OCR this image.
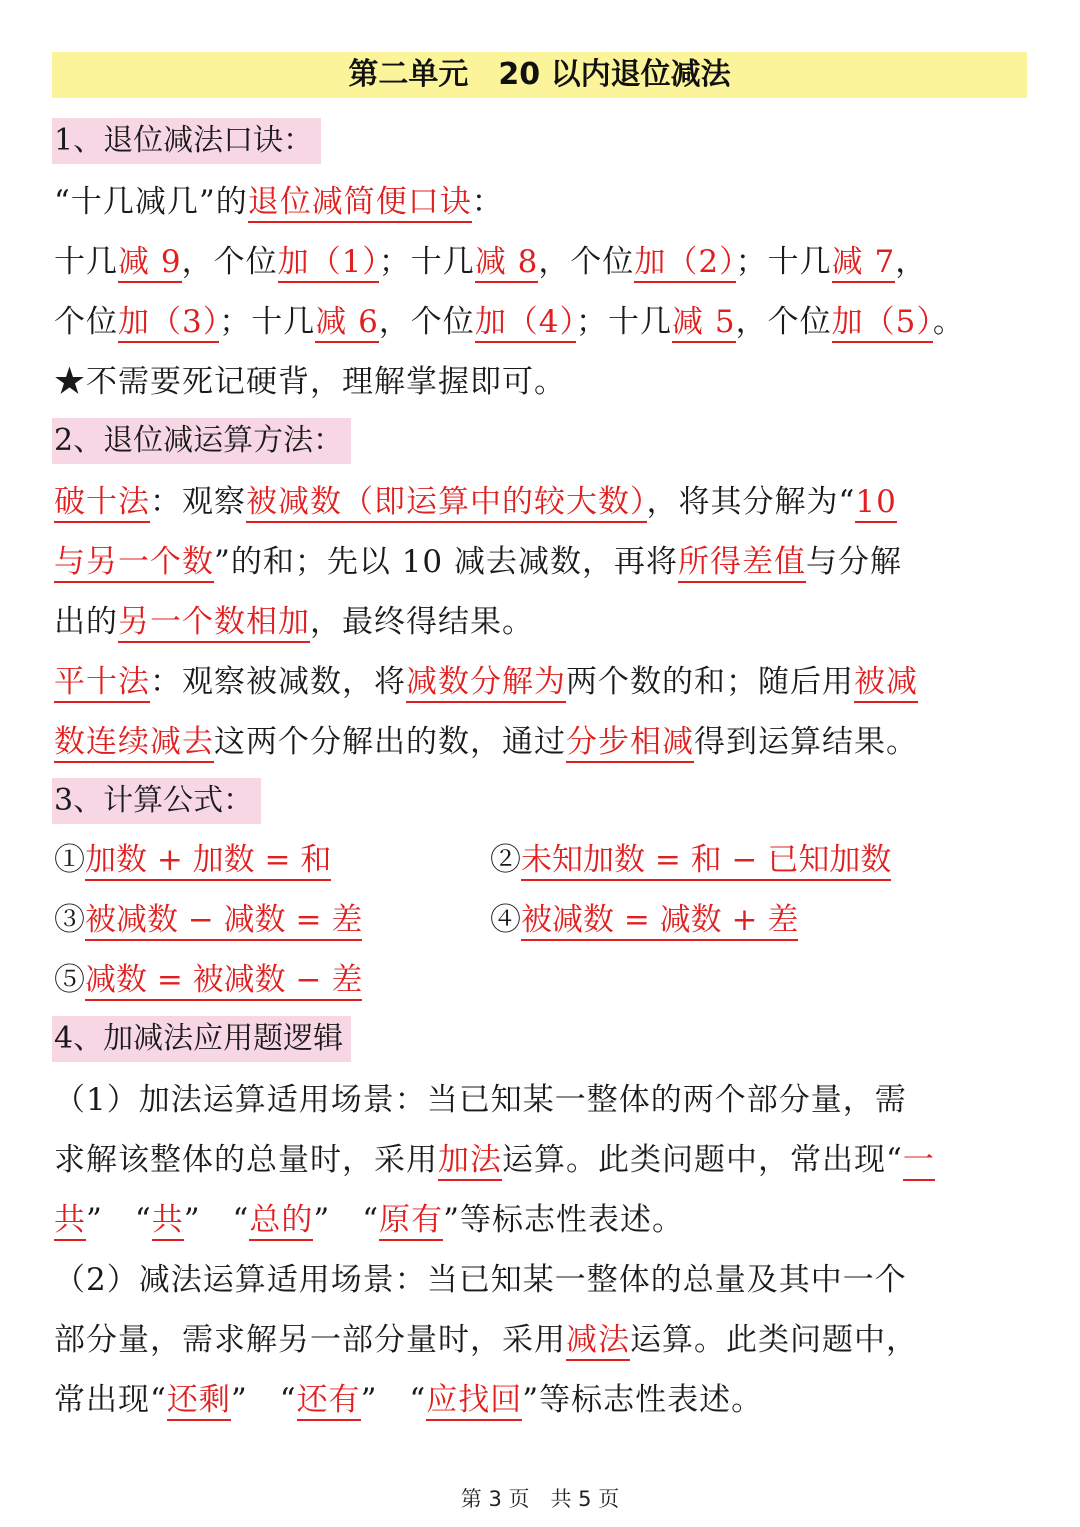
第二单元　20 以内退位减法
1、退位减法口诀：
“十几减几”的退位减简便口诀：
十几减 9，个位加（1）；十几减 8，个位加（2）；十几减 7，
个位加（3）；十几减 6，个位加（4）；十几减 5，个位加（5）。
★不需要死记硬背，理解掌握即可。
2、退位减运算方法：
破十法：观察被减数（即运算中的较大数），将其分解为“10
与另一个数”的和；先以 10 减去减数，再将所得差值与分解
出的另一个数相加，最终得结果。
平十法：观察被减数，将减数分解为两个数的和；随后用被减
数连续减去这两个分解出的数，通过分步相减得到运算结果。
3、计算公式：
①加数 + 加数 = 和	②未知加数 = 和 − 已知加数
③被减数 − 减数 = 差	④被减数 = 减数 + 差
⑤减数 = 被减数 − 差
4、加减法应用题逻辑
（1）加法运算适用场景：当已知某一整体的两个部分量，需
求解该整体的总量时，采用加法运算。此类问题中，常出现“一
共”　“共”　“总的”　“原有”等标志性表述。
（2）减法运算适用场景：当已知某一整体的总量及其中一个
部分量，需求解另一部分量时，采用减法运算。此类问题中，
常出现“还剩”　“还有”　“应找回”等标志性表述。
第 3 页　共 5 页
